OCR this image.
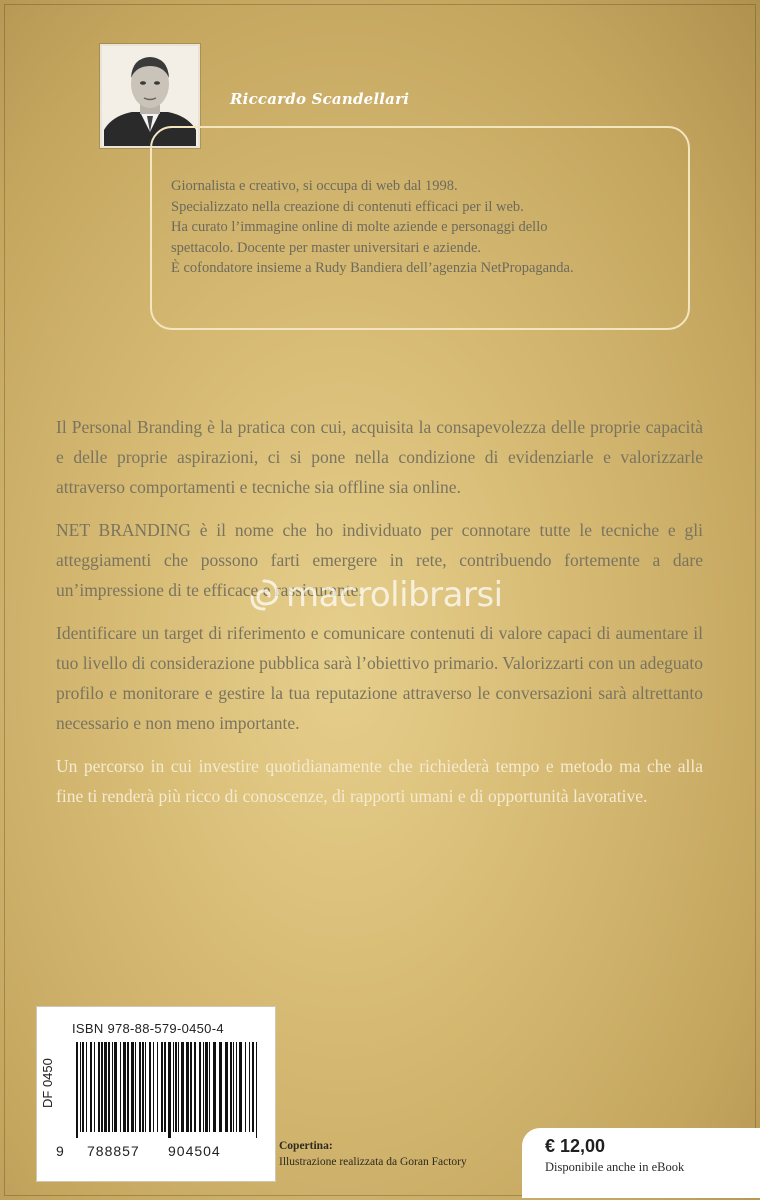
Riccardo Scandellari
Giornalista e creativo, si occupa di web dal 1998.
Specializzato nella creazione di contenuti efficaci per il web.
Ha curato l’immagine online di molte aziende e personaggi dello
spettacolo. Docente per master universitari e aziende.
È cofondatore insieme a Rudy Bandiera dell’agenzia NetPropaganda.

Il Personal Branding è la pratica con cui, acquisita la consapevolezza delle proprie capacità e delle proprie aspirazioni, ci si pone nella condizione di evidenziarle e valorizzarle attraverso comportamenti e tecniche sia offline sia online.

NET BRANDING è il nome che ho individuato per connotare tutte le tecniche e gli atteggiamenti che possono farti emergere in rete, contribuendo fortemente a dare un’impressione di te efficace e rassicurante.

Identificare un target di riferimento e comunicare contenuti di valore capaci di aumentare il tuo livello di considerazione pubblica sarà l’obiettivo primario. Valorizzarti con un adeguato profilo e monitorare e gestire la tua reputazione attraverso le conversazioni sarà altrettanto necessario e non meno importante.

Un percorso in cui investire quotidianamente che richiederà tempo e metodo ma che alla fine ti renderà più ricco di conoscenze, di rapporti umani e di opportunità lavorative.

macrolibrarsi
ISBN 978-88-579-0450-4
DF 0450
9 788857 904504	Copertina:
Illustrazione realizzata da Goran Factory
€ 12,00
Disponibile anche in eBook
